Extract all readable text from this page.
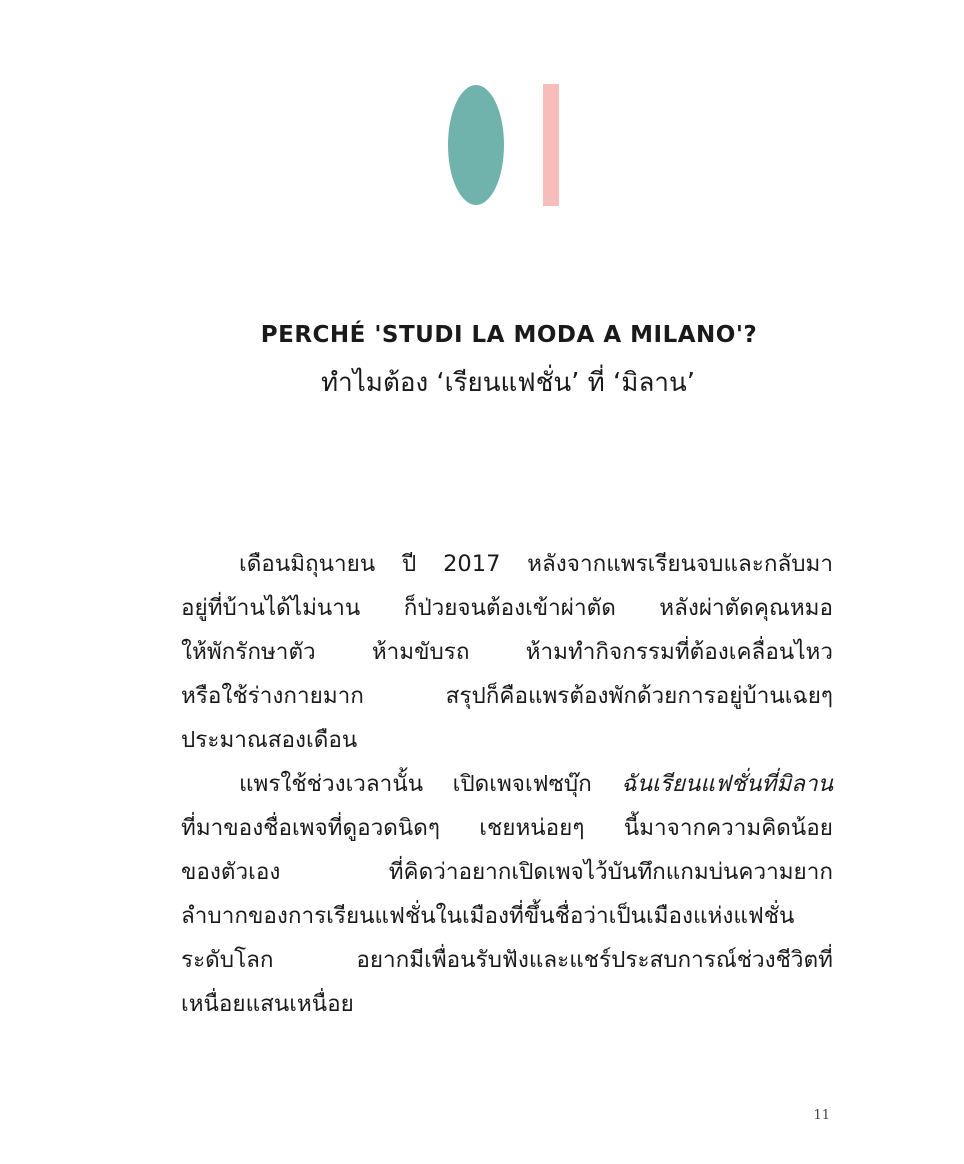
PERCHÉ 'STUDI LA MODA A MILANO'?
ทำไมต้อง ‘เรียนแฟชั่น’ ที่ ‘มิลาน’
เดือนมิถุนายน ปี 2017 หลังจากแพรเรียนจบและกลับมา
อยู่ที่บ้านได้ไม่นาน ก็ป่วยจนต้องเข้าผ่าตัด หลังผ่าตัดคุณหมอ
ให้พักรักษาตัว ห้ามขับรถ ห้ามทำกิจกรรมที่ต้องเคลื่อนไหว
หรือใช้ร่างกายมาก สรุปก็คือแพรต้องพักด้วยการอยู่บ้านเฉยๆ
ประมาณสองเดือน
แพรใช้ช่วงเวลานั้น เปิดเพจเฟซบุ๊ก ฉันเรียนแฟชั่นที่มิลาน
ที่มาของชื่อเพจที่ดูอวดนิดๆ เชยหน่อยๆ นี้มาจากความคิดน้อย
ของตัวเอง ที่คิดว่าอยากเปิดเพจไว้บันทึกแกมบ่นความยาก
ลำบากของการเรียนแฟชั่นในเมืองที่ขึ้นชื่อว่าเป็นเมืองแห่งแฟชั่น
ระดับโลก อยากมีเพื่อนรับฟังและแชร์ประสบการณ์ช่วงชีวิตที่
เหนื่อยแสนเหนื่อย
11
